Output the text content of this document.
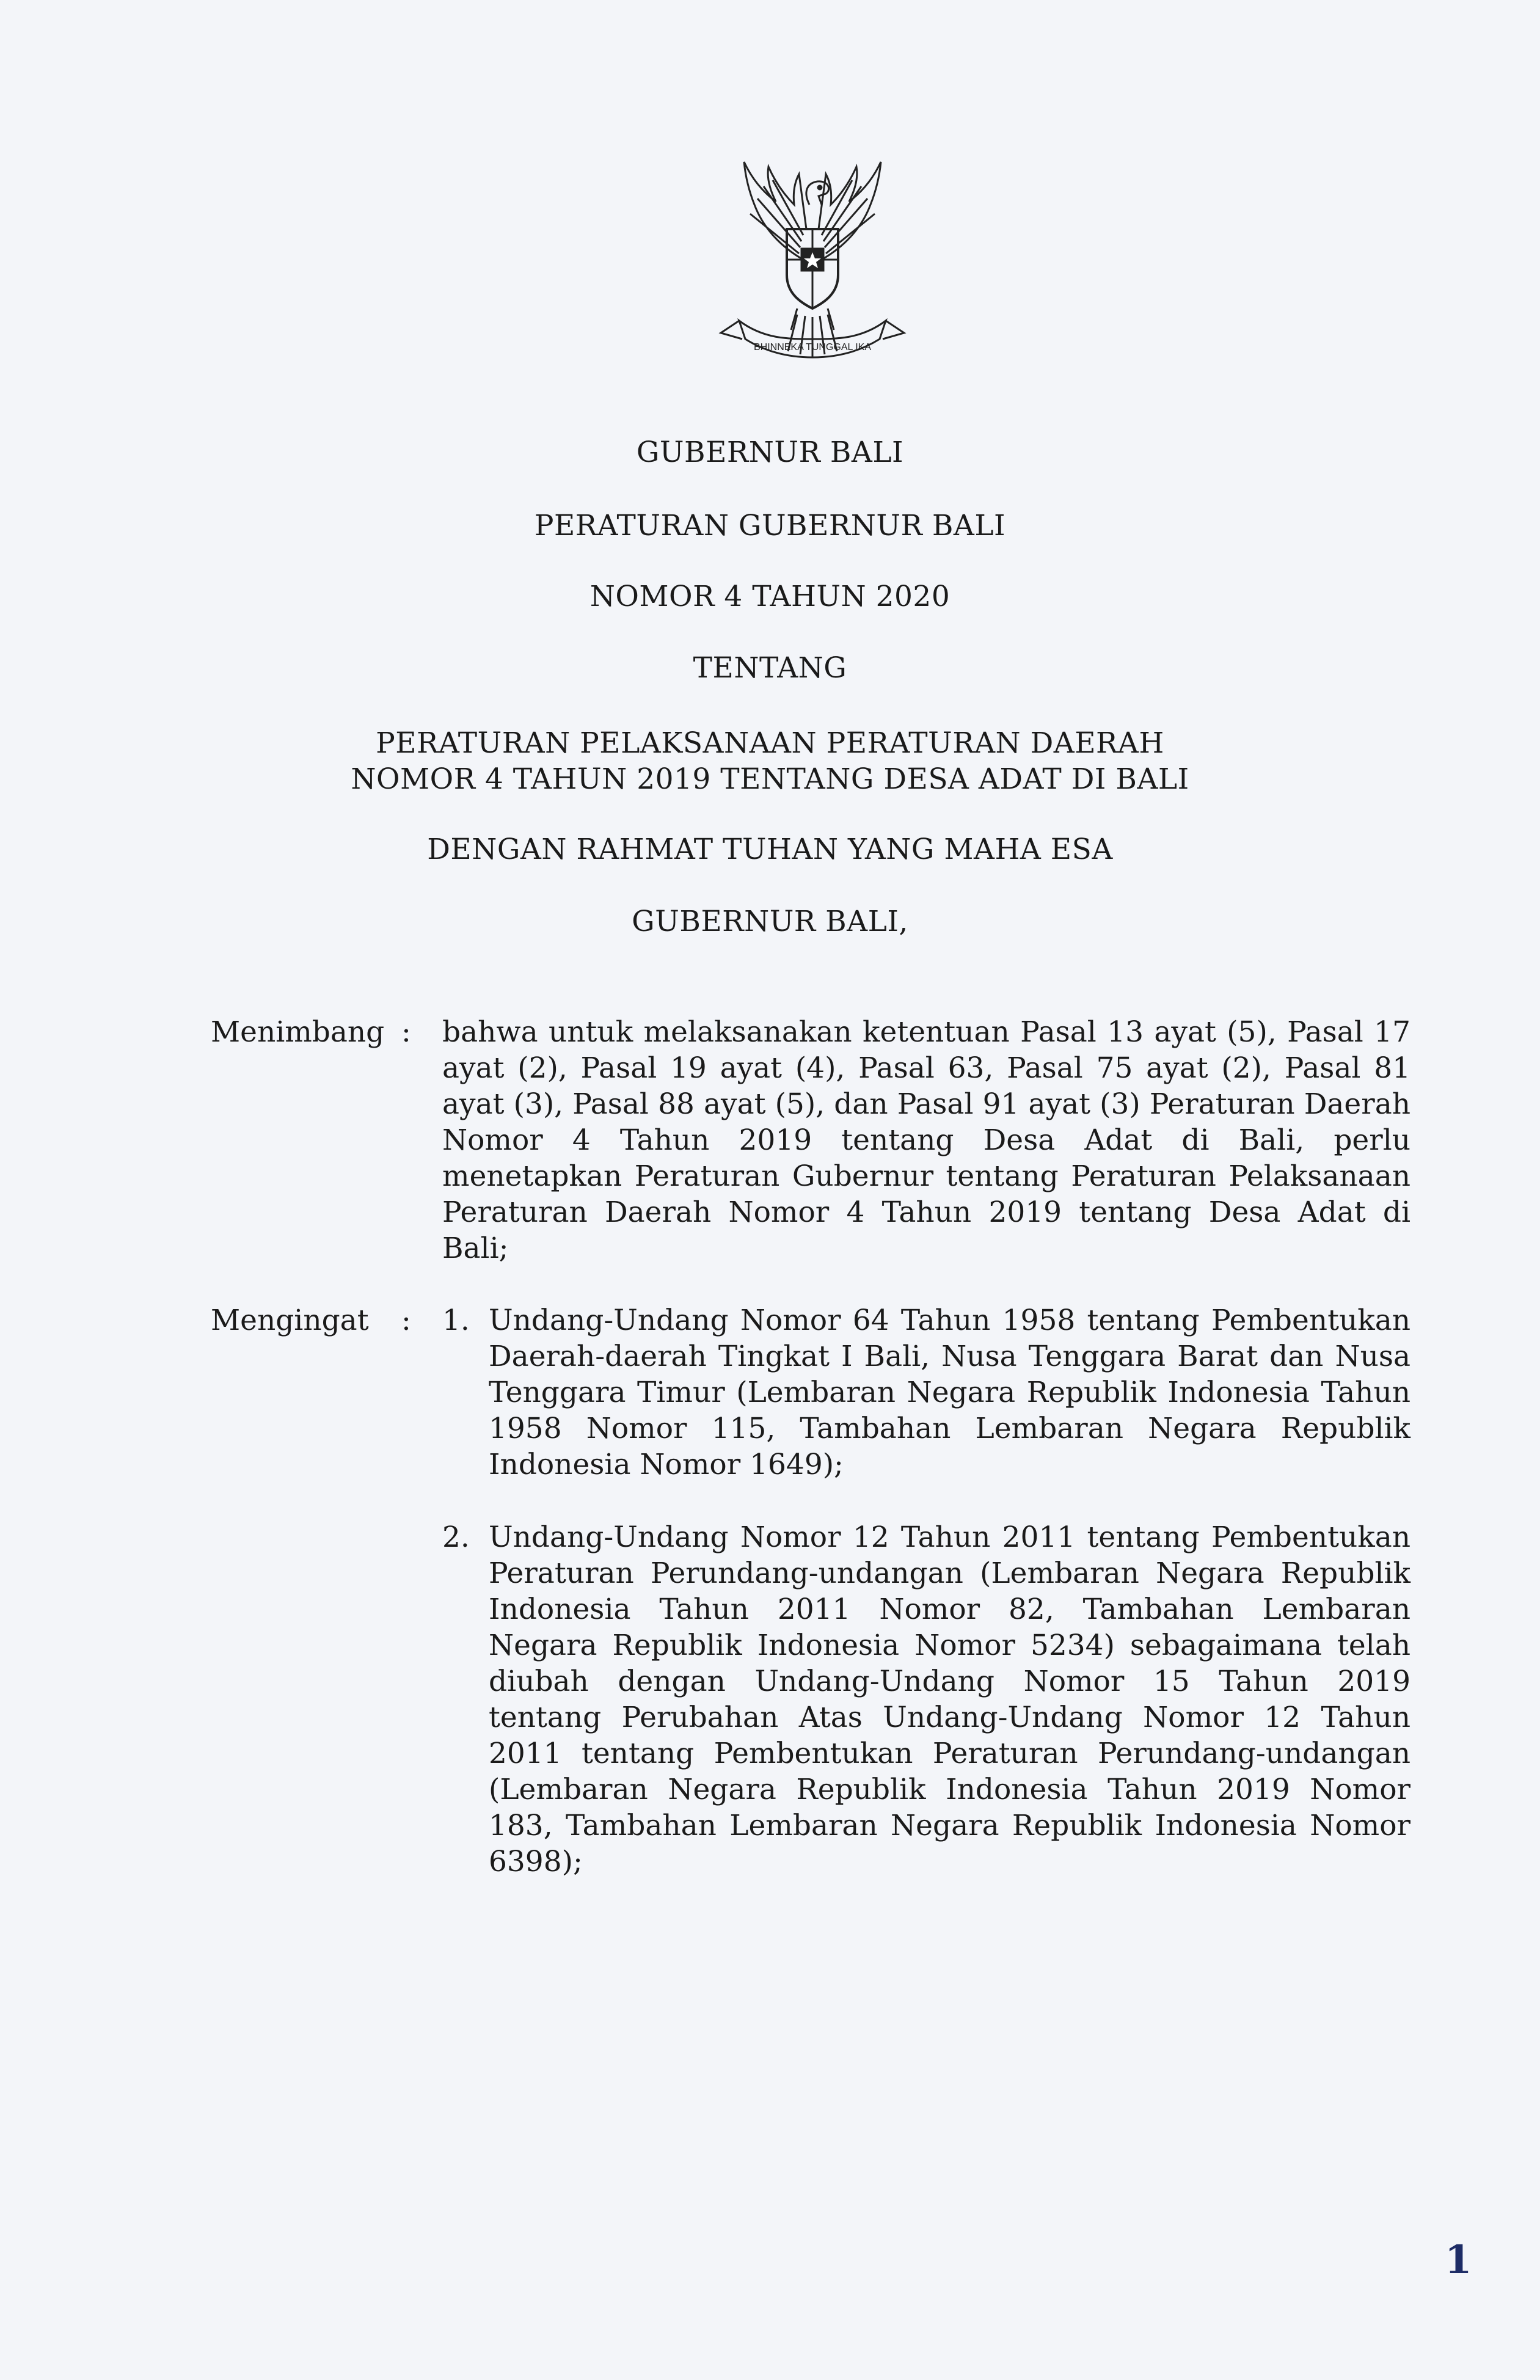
BHINNEKA TUNGGAL IKA
GUBERNUR BALI
PERATURAN GUBERNUR BALI
NOMOR 4 TAHUN 2020
TENTANG
PERATURAN PELAKSANAAN PERATURAN DAERAH
NOMOR 4 TAHUN 2019 TENTANG DESA ADAT DI BALI
DENGAN RAHMAT TUHAN YANG MAHA ESA
GUBERNUR BALI,
Menimbang : bahwa untuk melaksanakan ketentuan Pasal 13 ayat (5), Pasal 17 ayat (2), Pasal 19 ayat (4), Pasal 63, Pasal 75 ayat (2), Pasal 81 ayat (3), Pasal 88 ayat (5), dan Pasal 91 ayat (3) Peraturan Daerah Nomor 4 Tahun 2019 tentang Desa Adat di Bali, perlu menetapkan Peraturan Gubernur tentang Peraturan Pelaksanaan Peraturan Daerah Nomor 4 Tahun 2019 tentang Desa Adat di Bali;
Mengingat : 1. Undang-Undang Nomor 64 Tahun 1958 tentang Pembentukan Daerah-daerah Tingkat I Bali, Nusa Tenggara Barat dan Nusa Tenggara Timur (Lembaran Negara Republik Indonesia Tahun 1958 Nomor 115, Tambahan Lembaran Negara Republik Indonesia Nomor 1649);
2. Undang-Undang Nomor 12 Tahun 2011 tentang Pembentukan Peraturan Perundang-undangan (Lembaran Negara Republik Indonesia Tahun 2011 Nomor 82, Tambahan Lembaran Negara Republik Indonesia Nomor 5234) sebagaimana telah diubah dengan Undang-Undang Nomor 15 Tahun 2019 tentang Perubahan Atas Undang-Undang Nomor 12 Tahun 2011 tentang Pembentukan Peraturan Perundang-undangan (Lembaran Negara Republik Indonesia Tahun 2019 Nomor 183, Tambahan Lembaran Negara Republik Indonesia Nomor 6398);
1
